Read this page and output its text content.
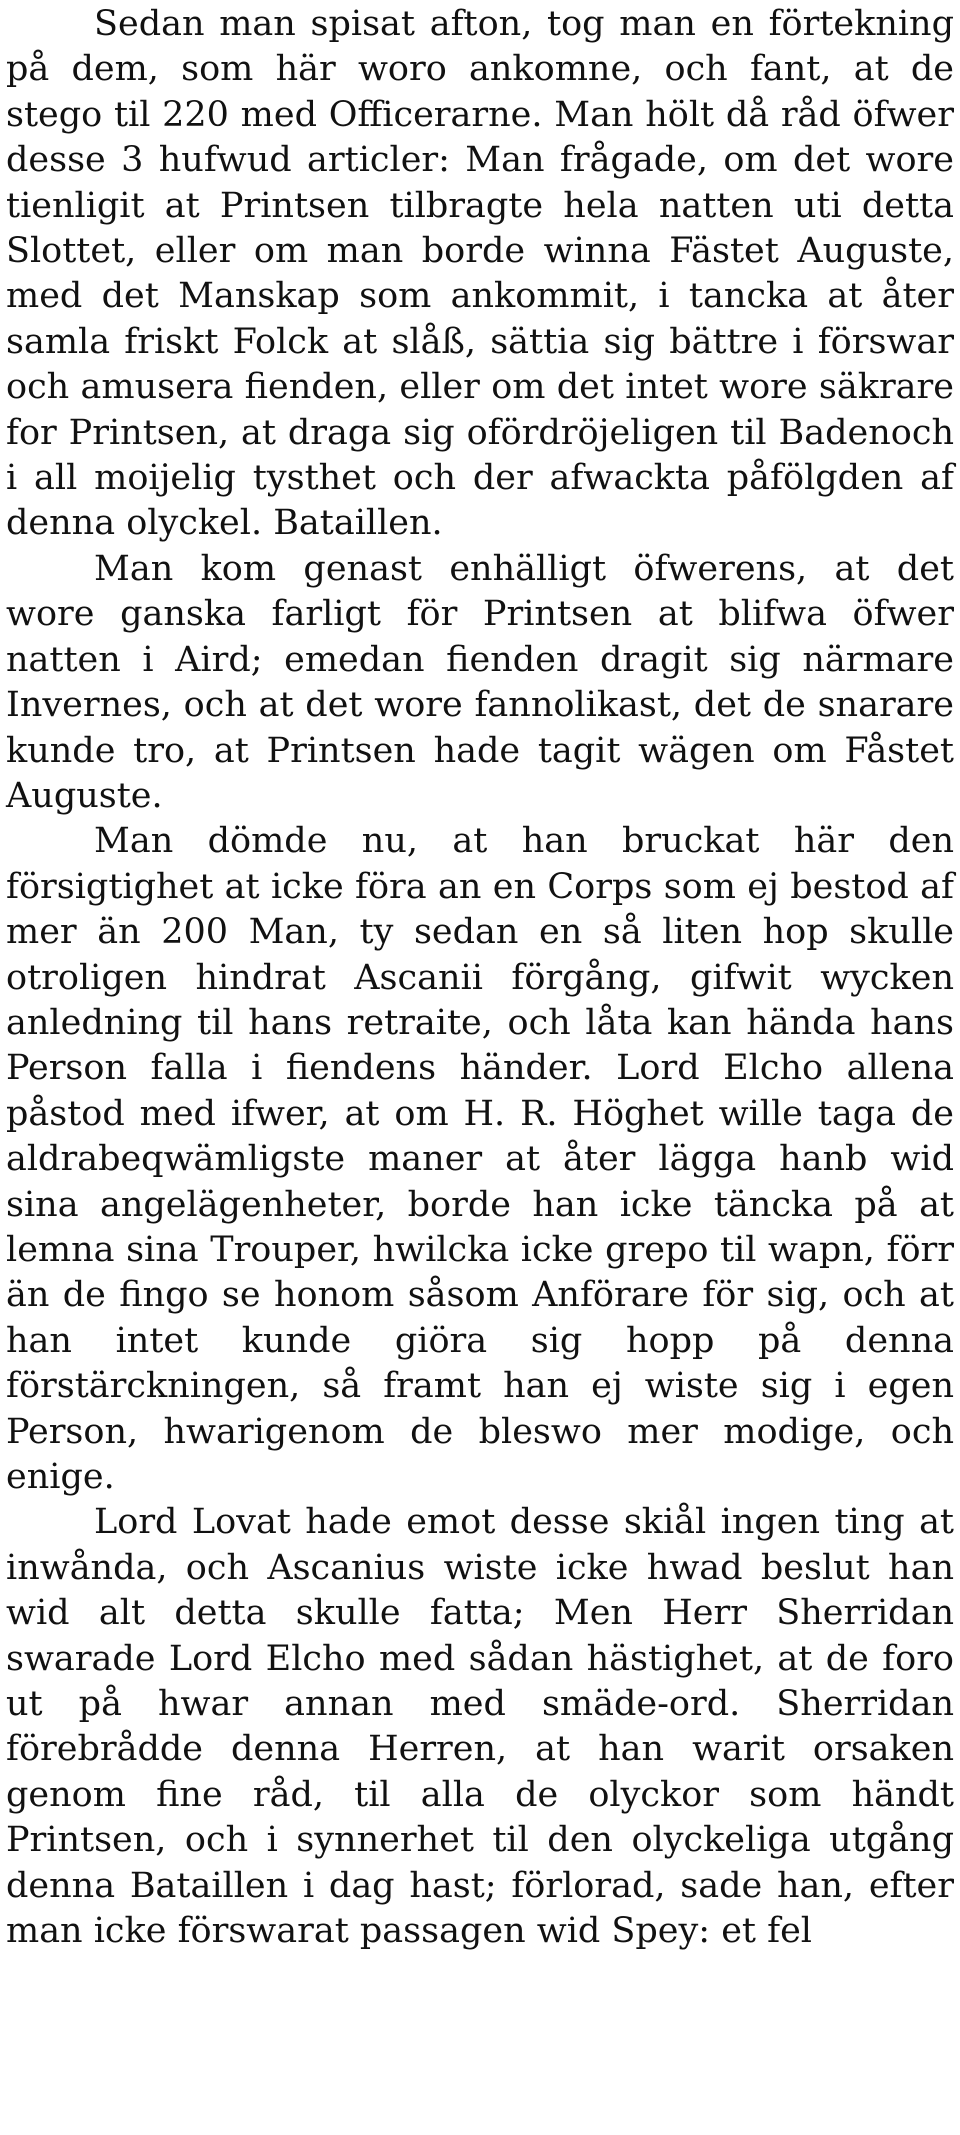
Sedan man spisat afton, tog man en förtekning på dem, som här woro ankomne, och fant, at de stego til 220 med Officerarne. Man hölt då råd öfwer desse 3 hufwud articler: Man frågade, om det wore tienligit at Printsen tilbragte hela natten uti detta Slottet, eller om man borde winna Fästet Auguste, med det Manskap som ankommit, i tancka at åter samla friskt Folck at slåß, sättia sig bättre i förswar och amusera fienden, eller om det intet wore säkrare for Printsen, at draga sig ofördröjeligen til Badenoch i all moijelig tysthet och der afwackta påfölgden af denna olyckel. Bataillen.

Man kom genast enhälligt öfwerens, at det wore ganska farligt för Printsen at blifwa öfwer natten i Aird; emedan fienden dragit sig närmare Invernes, och at det wore fannolikast, det de snarare kunde tro, at Printsen hade tagit wägen om Fåstet Auguste.

Man dömde nu, at han bruckat här den försigtighet at icke föra an en Corps som ej bestod af mer än 200 Man, ty sedan en så liten hop skulle otroligen hindrat Ascanii förgång, gifwit wycken anledning til hans retraite, och låta kan hända hans Person falla i fiendens händer. Lord Elcho allena påstod med ifwer, at om H. R. Höghet wille taga de aldrabeqwämligste maner at åter lägga hanb wid sina angelägenheter, borde han icke täncka på at lemna sina Trouper, hwilcka icke grepo til wapn, förr än de fingo se honom såsom Anförare för sig, och at han intet kunde giöra sig hopp på denna förstärckningen, så framt han ej wiste sig i egen Person, hwarigenom de bleswo mer modige, och enige.

Lord Lovat hade emot desse skiål ingen ting at inwånda, och Ascanius wiste icke hwad beslut han wid alt detta skulle fatta; Men Herr Sherridan swarade Lord Elcho med sådan hästighet, at de foro ut på hwar annan med smäde-ord. Sherridan förebrådde denna Herren, at han warit orsaken genom fine råd, til alla de olyckor som händt Printsen, och i synnerhet til den olyckeliga utgång denna Bataillen i dag hast; förlorad, sade han, efter man icke förswarat passagen wid Spey: et fel
